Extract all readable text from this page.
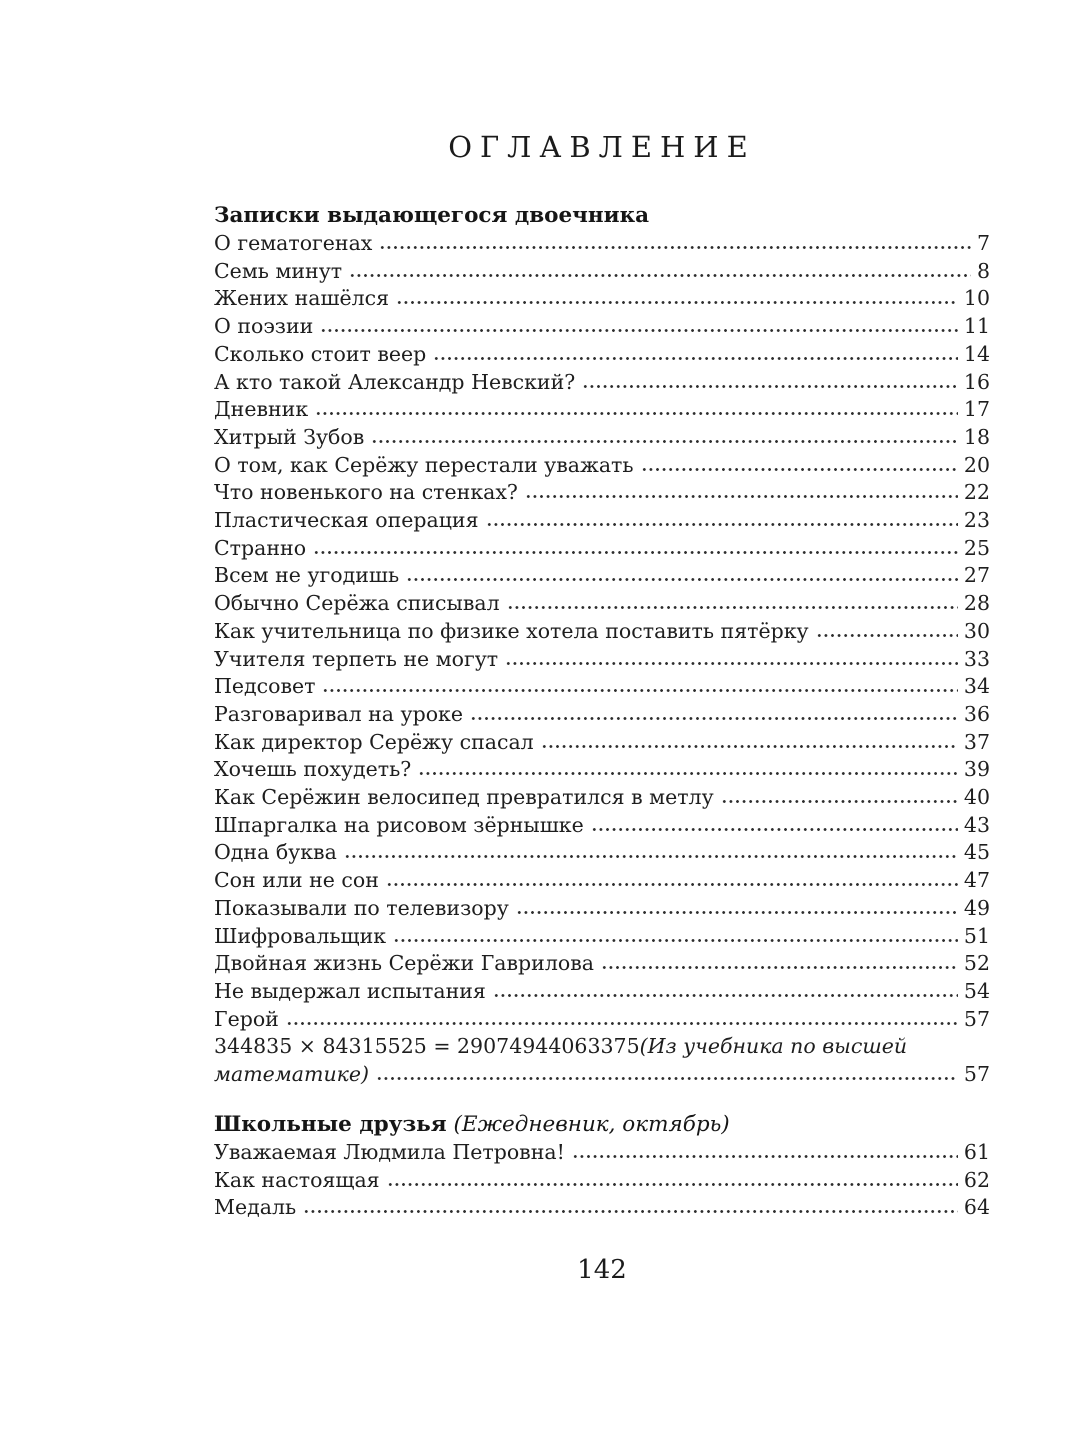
ОГЛАВЛЕНИЕ
Записки выдающегося двоечника
О гематогенах	7
Семь минут	8
Жених нашёлся	10
О поэзии	11
Сколько стоит веер	14
А кто такой Александр Невский?	16
Дневник	17
Хитрый Зубов	18
О том, как Серёжу перестали уважать	20
Что новенького на стенках?	22
Пластическая операция	23
Странно	25
Всем не угодишь	27
Обычно Серёжа списывал	28
Как учительница по физике хотела поставить пятёрку	30
Учителя терпеть не могут	33
Педсовет	34
Разговаривал на уроке	36
Как директор Серёжу спасал	37
Хочешь похудеть?	39
Как Серёжин велосипед превратился в метлу	40
Шпаргалка на рисовом зёрнышке	43
Одна буква	45
Сон или не сон	47
Показывали по телевизору	49
Шифровальщик	51
Двойная жизнь Серёжи Гаврилова	52
Не выдержал испытания	54
Герой	57
344835 × 84315525 = 29074944063375 (Из учебника по высшей
математике)	57
Школьные друзья (Ежедневник, октябрь)
Уважаемая Людмила Петровна!	61
Как настоящая	62
Медаль	64
142
